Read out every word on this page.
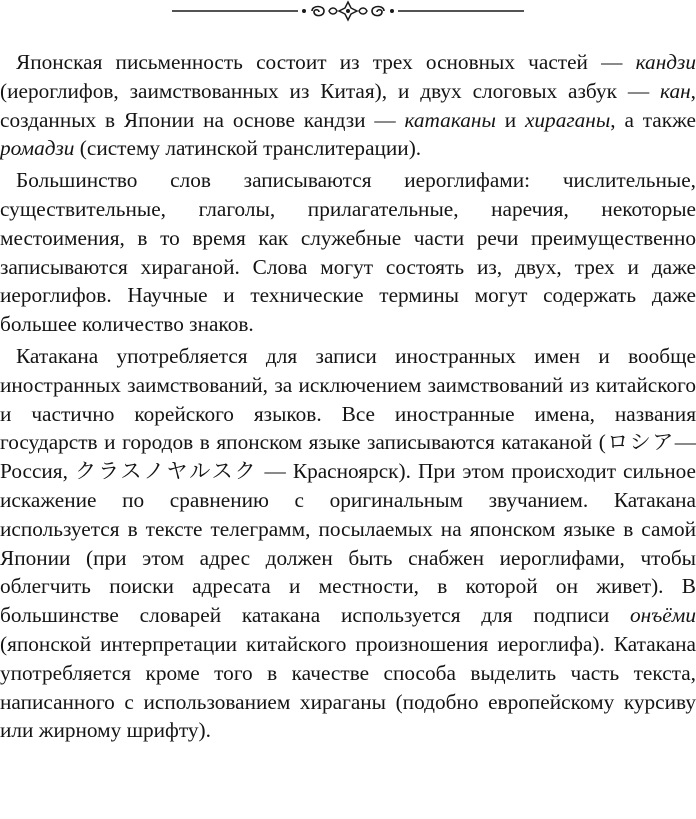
Японская письменность состоит из трех основных частей — кандзи (иероглифов, заимствованных из Китая), и двух слоговых азбук — кан, созданных в Японии на основе кандзи — катаканы и хираганы, а также ромадзи (систему латинской транслитерации).

Большинство слов записываются иероглифами: числительные, существительные, глаголы, прилагательные, наречия, некоторые местоимения, в то время как служебные части речи преимущественно записываются хираганой. Слова могут состоять из, двух, трех и даже иероглифов. Научные и технические термины могут содержать даже большее количество знаков.

Катакана употребляется для записи иностранных имен и вообще иностранных заимствований, за исключением заимствований из китайского и частично корейского языков. Все иностранные имена, названия государств и городов в японском языке записываются катаканой (ロシア— Россия, クラスノヤルスク — Красноярск). При этом происходит сильное искажение по сравнению с оригинальным звучанием. Катакана используется в тексте телеграмм, посылаемых на японском языке в самой Японии (при этом адрес должен быть снабжен иероглифами, чтобы облегчить поиски адресата и местности, в которой он живет). В большинстве словарей катакана используется для подписи онъёми (японской интерпретации китайского произношения иероглифа). Катакана употребляется кроме того в качестве способа выделить часть текста, написанного с использованием хираганы (подобно европейскому курсиву или жирному шрифту).
